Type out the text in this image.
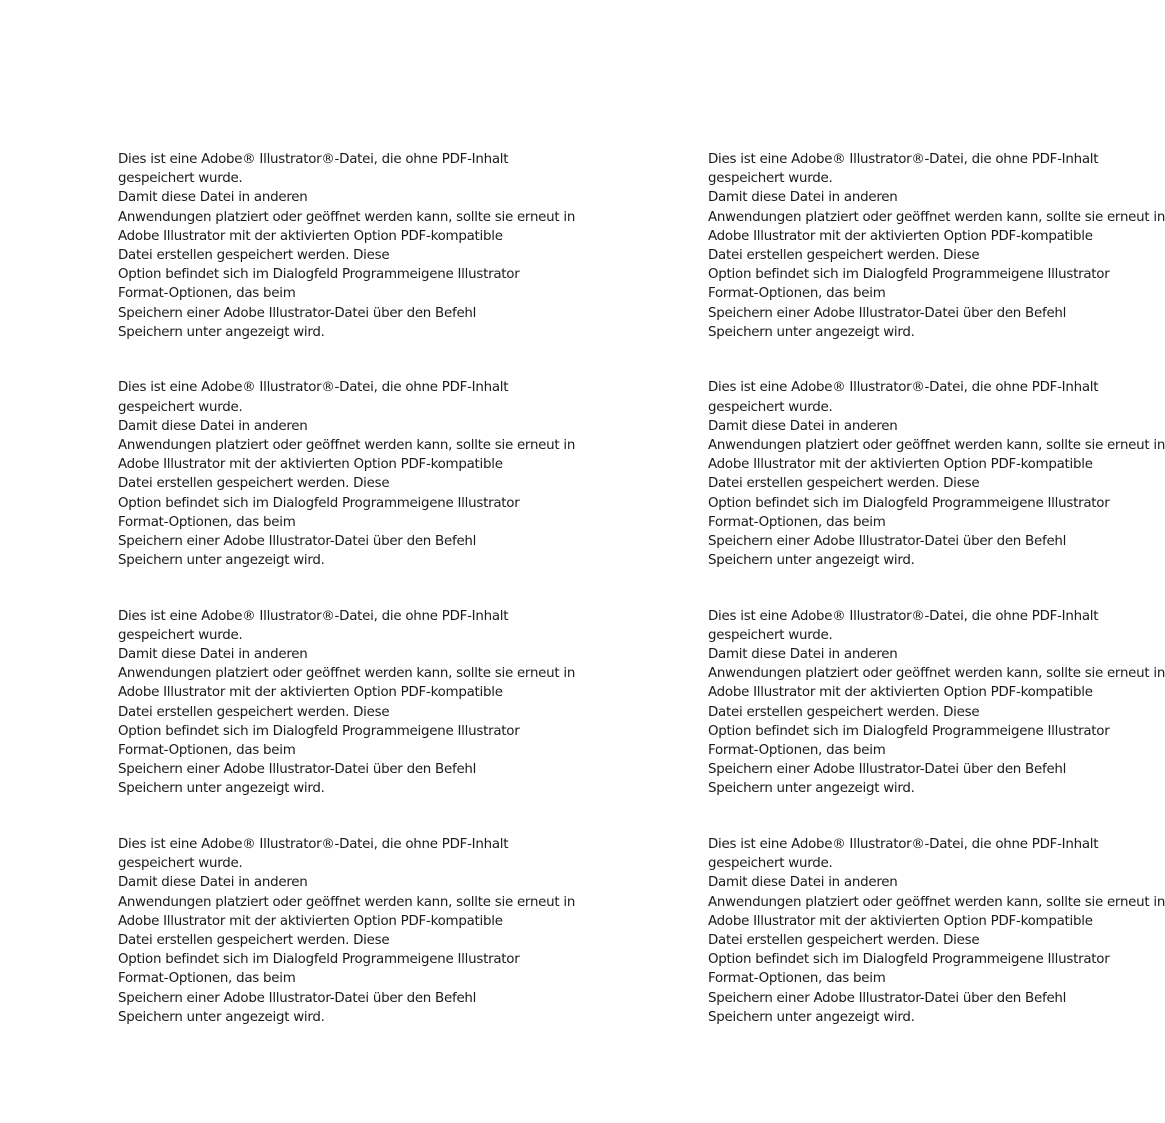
Dies ist eine Adobe® Illustrator®-Datei, die ohne PDF-Inhalt
gespeichert wurde.
Damit diese Datei in anderen
Anwendungen platziert oder geöffnet werden kann, sollte sie erneut in
Adobe Illustrator mit der aktivierten Option PDF-kompatible
Datei erstellen gespeichert werden. Diese
Option befindet sich im Dialogfeld Programmeigene Illustrator
Format-Optionen, das beim
Speichern einer Adobe Illustrator-Datei über den Befehl
Speichern unter angezeigt wird.
Dies ist eine Adobe® Illustrator®-Datei, die ohne PDF-Inhalt
gespeichert wurde.
Damit diese Datei in anderen
Anwendungen platziert oder geöffnet werden kann, sollte sie erneut in
Adobe Illustrator mit der aktivierten Option PDF-kompatible
Datei erstellen gespeichert werden. Diese
Option befindet sich im Dialogfeld Programmeigene Illustrator
Format-Optionen, das beim
Speichern einer Adobe Illustrator-Datei über den Befehl
Speichern unter angezeigt wird.
Dies ist eine Adobe® Illustrator®-Datei, die ohne PDF-Inhalt
gespeichert wurde.
Damit diese Datei in anderen
Anwendungen platziert oder geöffnet werden kann, sollte sie erneut in
Adobe Illustrator mit der aktivierten Option PDF-kompatible
Datei erstellen gespeichert werden. Diese
Option befindet sich im Dialogfeld Programmeigene Illustrator
Format-Optionen, das beim
Speichern einer Adobe Illustrator-Datei über den Befehl
Speichern unter angezeigt wird.
Dies ist eine Adobe® Illustrator®-Datei, die ohne PDF-Inhalt
gespeichert wurde.
Damit diese Datei in anderen
Anwendungen platziert oder geöffnet werden kann, sollte sie erneut in
Adobe Illustrator mit der aktivierten Option PDF-kompatible
Datei erstellen gespeichert werden. Diese
Option befindet sich im Dialogfeld Programmeigene Illustrator
Format-Optionen, das beim
Speichern einer Adobe Illustrator-Datei über den Befehl
Speichern unter angezeigt wird.
Dies ist eine Adobe® Illustrator®-Datei, die ohne PDF-Inhalt
gespeichert wurde.
Damit diese Datei in anderen
Anwendungen platziert oder geöffnet werden kann, sollte sie erneut in
Adobe Illustrator mit der aktivierten Option PDF-kompatible
Datei erstellen gespeichert werden. Diese
Option befindet sich im Dialogfeld Programmeigene Illustrator
Format-Optionen, das beim
Speichern einer Adobe Illustrator-Datei über den Befehl
Speichern unter angezeigt wird.
Dies ist eine Adobe® Illustrator®-Datei, die ohne PDF-Inhalt
gespeichert wurde.
Damit diese Datei in anderen
Anwendungen platziert oder geöffnet werden kann, sollte sie erneut in
Adobe Illustrator mit der aktivierten Option PDF-kompatible
Datei erstellen gespeichert werden. Diese
Option befindet sich im Dialogfeld Programmeigene Illustrator
Format-Optionen, das beim
Speichern einer Adobe Illustrator-Datei über den Befehl
Speichern unter angezeigt wird.
Dies ist eine Adobe® Illustrator®-Datei, die ohne PDF-Inhalt
gespeichert wurde.
Damit diese Datei in anderen
Anwendungen platziert oder geöffnet werden kann, sollte sie erneut in
Adobe Illustrator mit der aktivierten Option PDF-kompatible
Datei erstellen gespeichert werden. Diese
Option befindet sich im Dialogfeld Programmeigene Illustrator
Format-Optionen, das beim
Speichern einer Adobe Illustrator-Datei über den Befehl
Speichern unter angezeigt wird.
Dies ist eine Adobe® Illustrator®-Datei, die ohne PDF-Inhalt
gespeichert wurde.
Damit diese Datei in anderen
Anwendungen platziert oder geöffnet werden kann, sollte sie erneut in
Adobe Illustrator mit der aktivierten Option PDF-kompatible
Datei erstellen gespeichert werden. Diese
Option befindet sich im Dialogfeld Programmeigene Illustrator
Format-Optionen, das beim
Speichern einer Adobe Illustrator-Datei über den Befehl
Speichern unter angezeigt wird.
